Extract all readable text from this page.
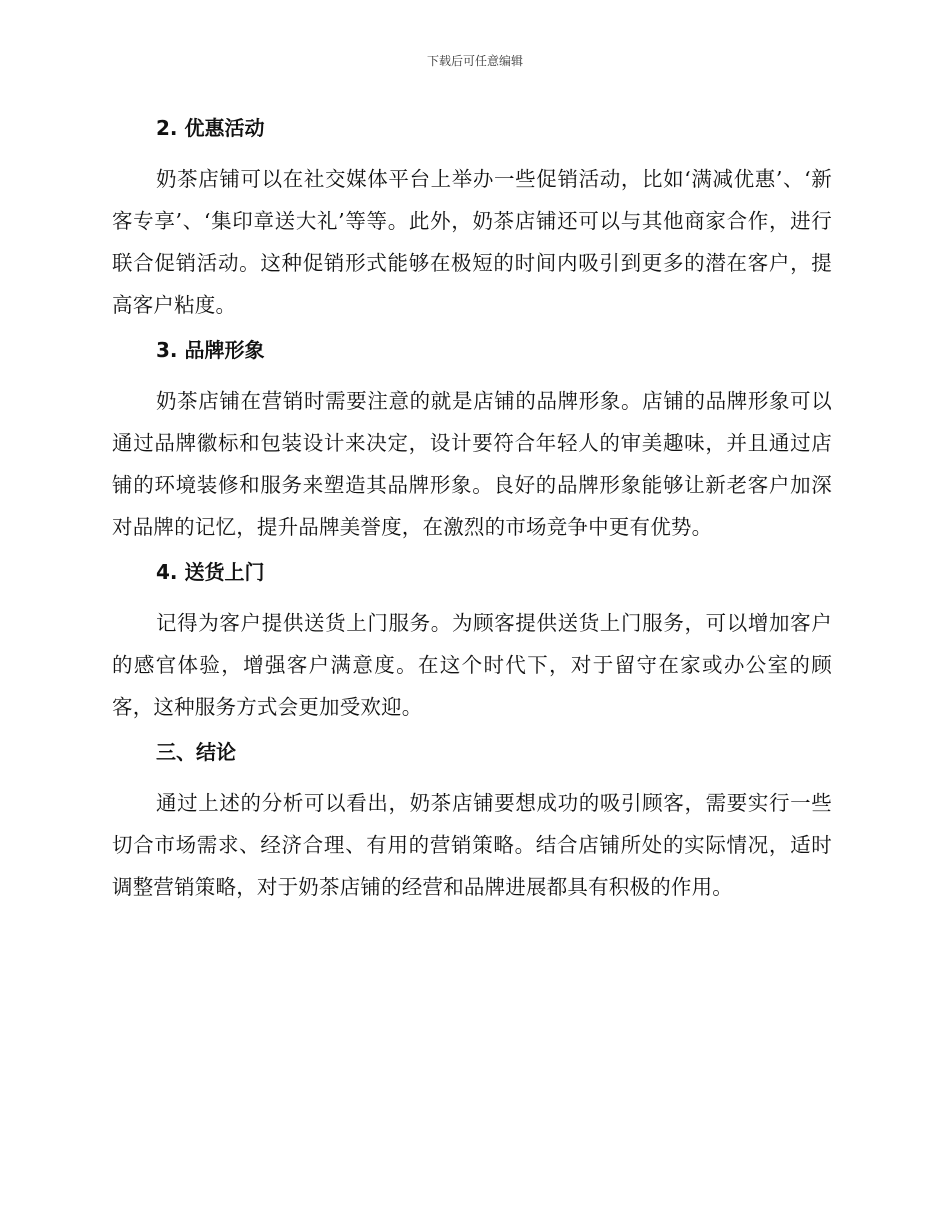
下载后可任意编辑
2. 优惠活动

奶茶店铺可以在社交媒体平台上举办一些促销活动，比如‘满减优惠’、‘新客专享’、‘集印章送大礼’等等。此外，奶茶店铺还可以与其他商家合作，进行联合促销活动。这种促销形式能够在极短的时间内吸引到更多的潜在客户，提高客户粘度。

3. 品牌形象

奶茶店铺在营销时需要注意的就是店铺的品牌形象。店铺的品牌形象可以通过品牌徽标和包装设计来决定，设计要符合年轻人的审美趣味，并且通过店铺的环境装修和服务来塑造其品牌形象。良好的品牌形象能够让新老客户加深对品牌的记忆，提升品牌美誉度，在激烈的市场竞争中更有优势。

4. 送货上门

记得为客户提供送货上门服务。为顾客提供送货上门服务，可以增加客户的感官体验，增强客户满意度。在这个时代下，对于留守在家或办公室的顾客，这种服务方式会更加受欢迎。

三、结论

通过上述的分析可以看出，奶茶店铺要想成功的吸引顾客，需要实行一些切合市场需求、经济合理、有用的营销策略。结合店铺所处的实际情况，适时调整营销策略，对于奶茶店铺的经营和品牌进展都具有积极的作用。
